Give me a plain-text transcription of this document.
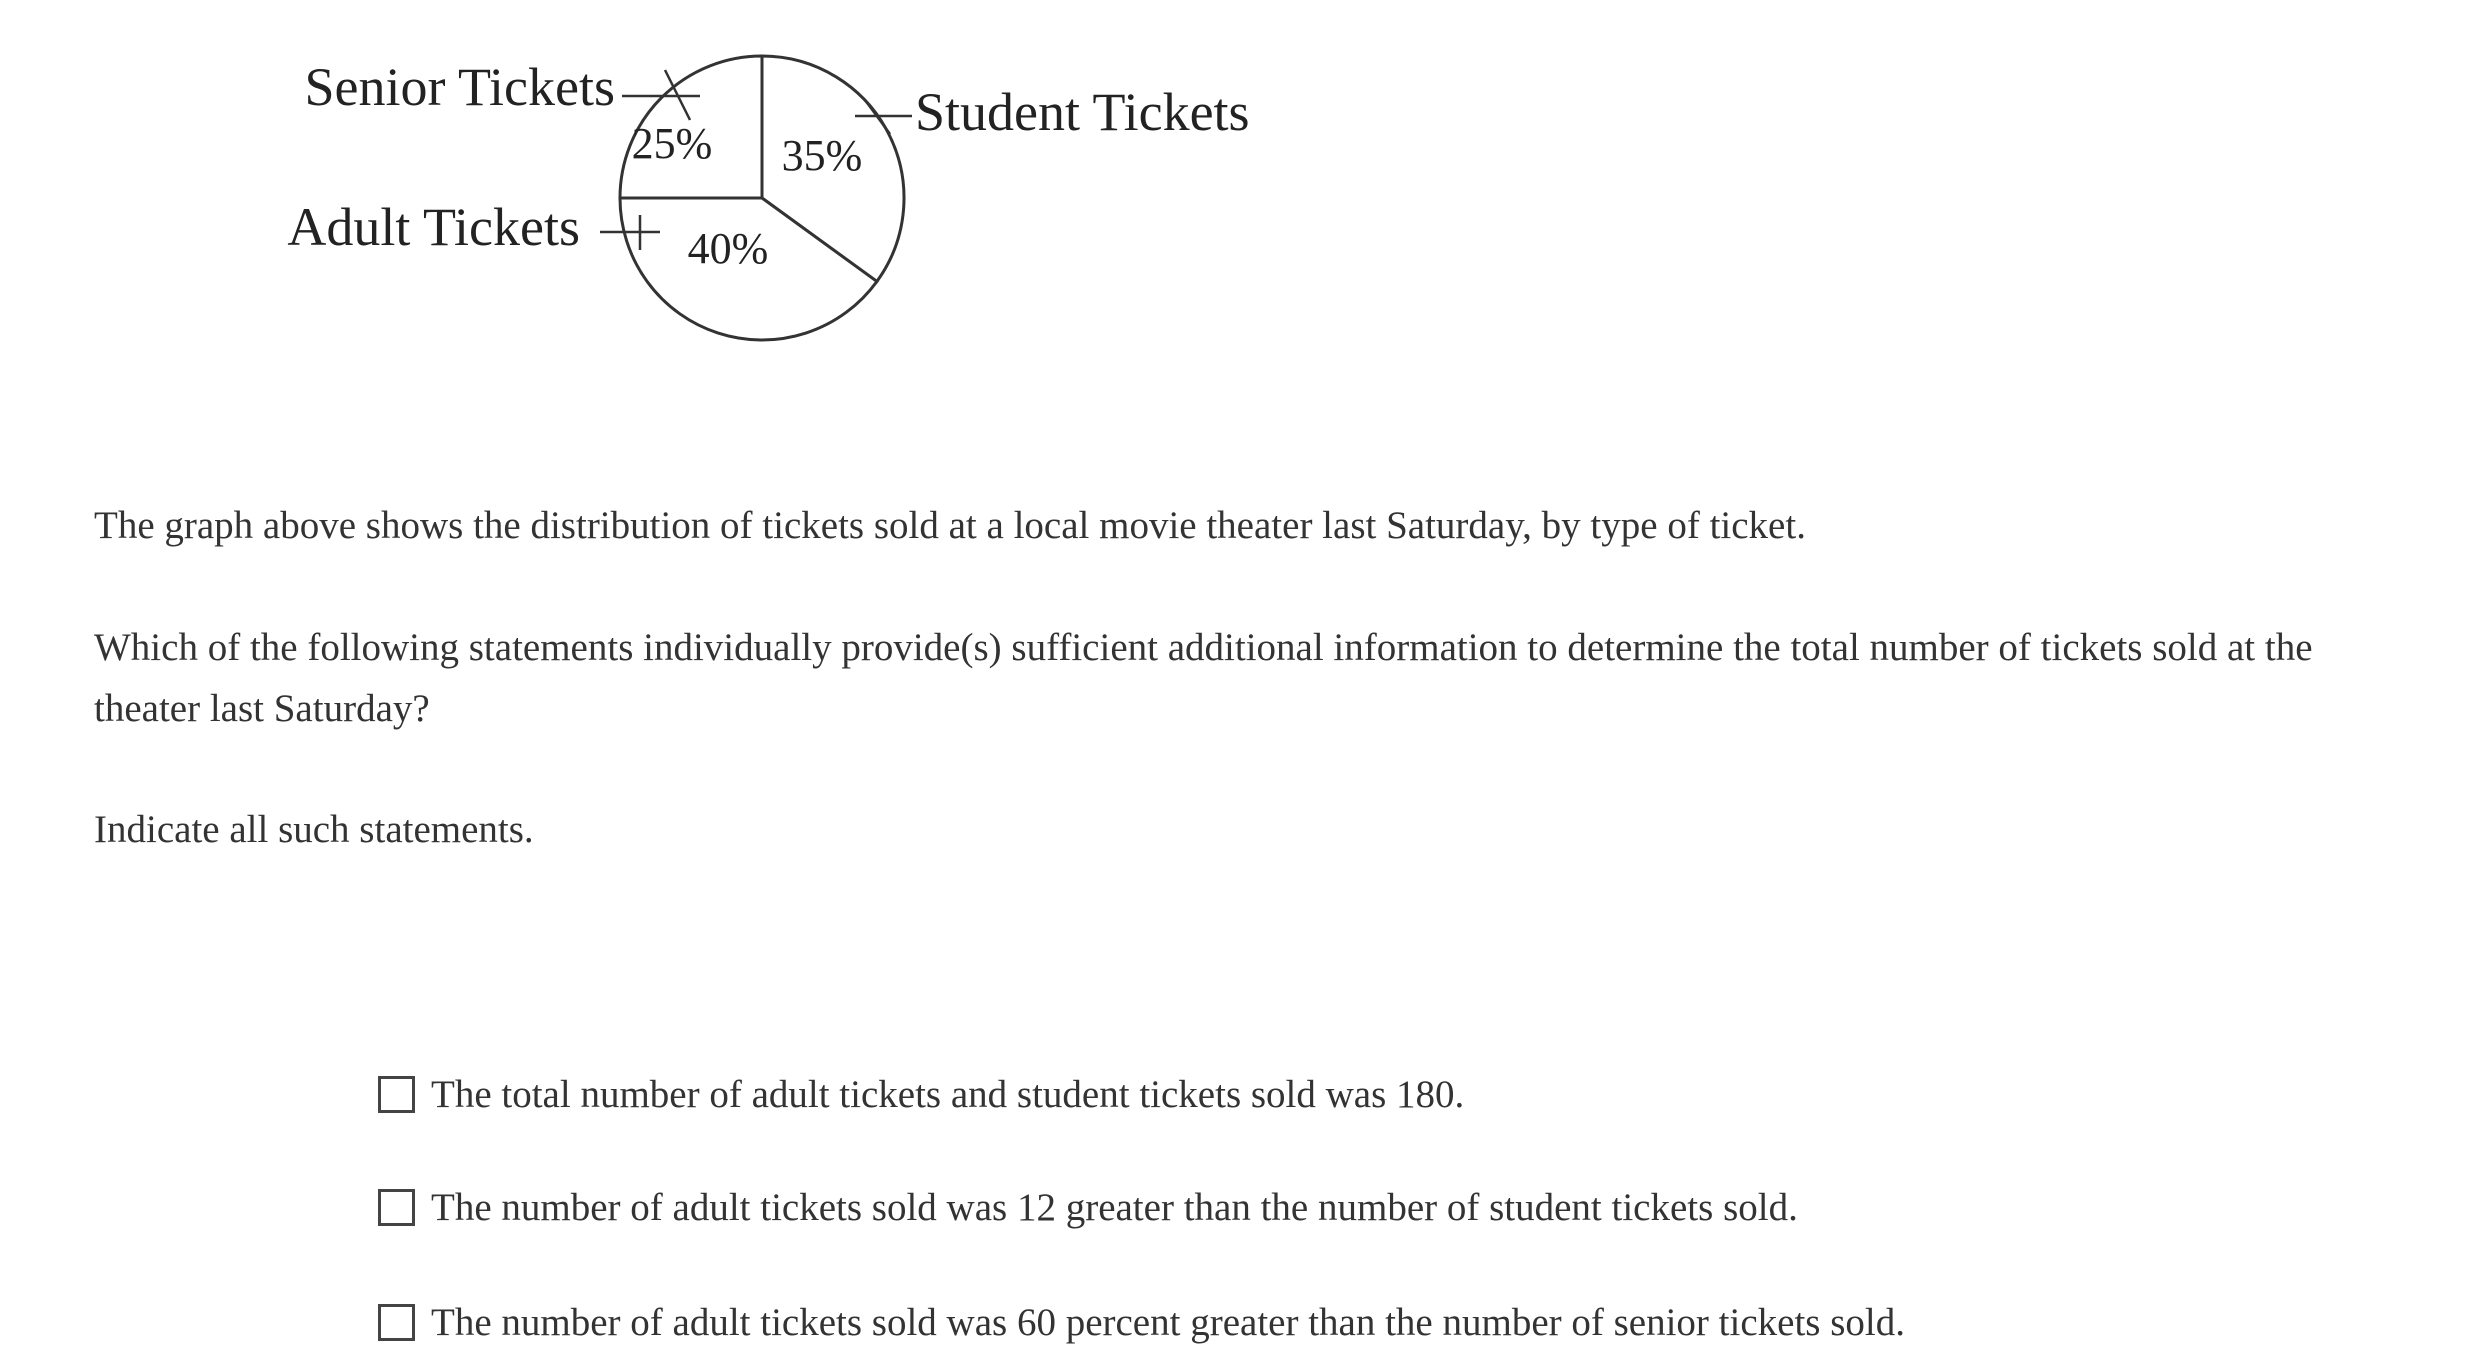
25% 35%
40%
Senior Tickets	Student Tickets
Adult Tickets

The graph above shows the distribution of tickets sold at a local movie theater last Saturday, by type of ticket.

Which of the following statements individually provide(s) sufficient additional information to determine the total number of tickets sold at the theater last Saturday?

Indicate all such statements.

The total number of adult tickets and student tickets sold was 180.
The number of adult tickets sold was 12 greater than the number of student tickets sold.
The number of adult tickets sold was 60 percent greater than the number of senior tickets sold.
